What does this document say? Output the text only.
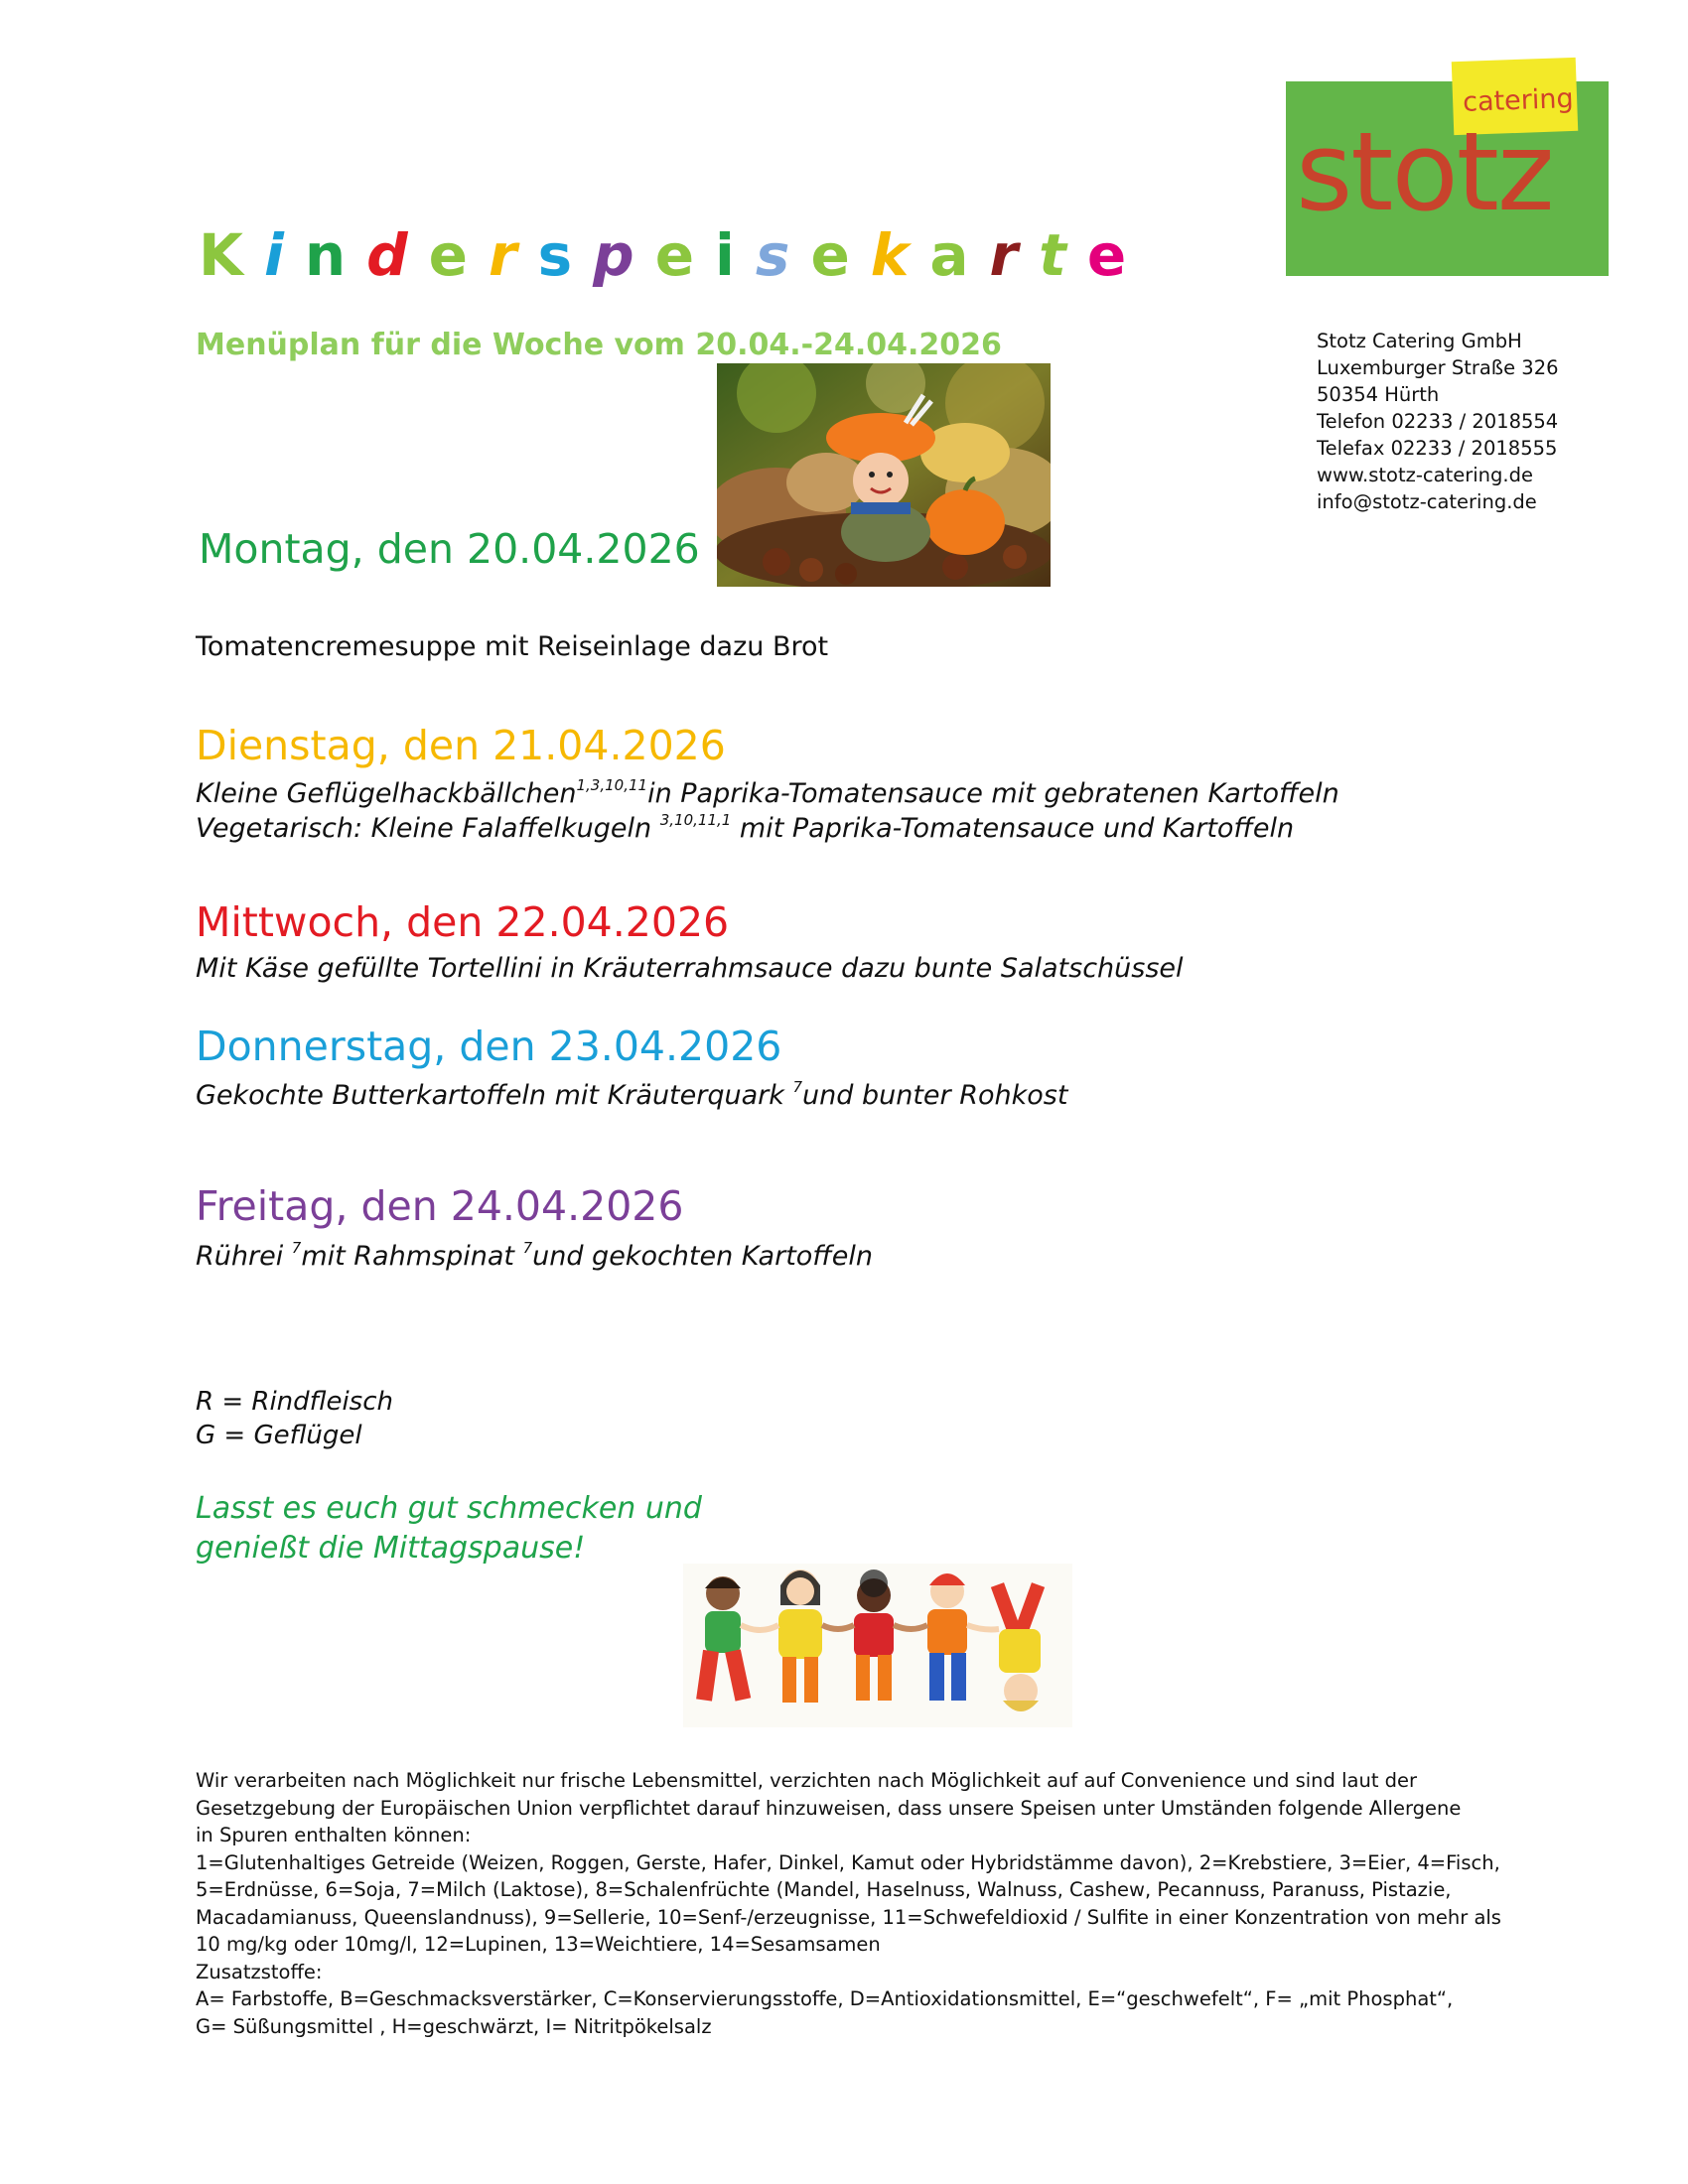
catering
stotz
Stotz Catering GmbH
Luxemburger Straße 326
50354 Hürth
Telefon 02233 / 2018554
Telefax 02233 / 2018555
www.stotz-catering.de
info@stotz-catering.de
K i n d e r s p e i s e k a r t e
Menüplan für die Woche vom 20.04.-24.04.2026
Montag, den 20.04.2026
Tomatencremesuppe mit Reiseinlage dazu Brot
Dienstag, den 21.04.2026
Kleine Geflügelhackbällchen$^{1,3,10,11}$in Paprika-Tomatensauce mit gebratenen Kartoffeln
Vegetarisch: Kleine Falaffelkugeln $^{3,10,11,1}$ mit Paprika-Tomatensauce und Kartoffeln
Mittwoch, den 22.04.2026
Mit Käse gefüllte Tortellini in Kräuterrahmsauce dazu bunte Salatschüssel
Donnerstag, den 23.04.2026
Gekochte Butterkartoffeln mit Kräuterquark $^7$und bunter Rohkost
Freitag, den 24.04.2026
Rührei $^7$mit Rahmspinat $^7$und gekochten Kartoffeln
R = Rindfleisch
G = Geflügel
Lasst es euch gut schmecken und
genießt die Mittagspause!
Wir verarbeiten nach Möglichkeit nur frische Lebensmittel, verzichten nach Möglichkeit auf auf Convenience und sind laut der
Gesetzgebung der Europäischen Union verpflichtet darauf hinzuweisen, dass unsere Speisen unter Umständen folgende Allergene
in Spuren enthalten können:
1=Glutenhaltiges Getreide (Weizen, Roggen, Gerste, Hafer, Dinkel, Kamut oder Hybridstämme davon), 2=Krebstiere, 3=Eier, 4=Fisch,
5=Erdnüsse, 6=Soja, 7=Milch (Laktose), 8=Schalenfrüchte (Mandel, Haselnuss, Walnuss, Cashew, Pecannuss, Paranuss, Pistazie,
Macadamianuss, Queenslandnuss), 9=Sellerie, 10=Senf-/erzeugnisse, 11=Schwefeldioxid / Sulfite in einer Konzentration von mehr als
10 mg/kg oder 10mg/l, 12=Lupinen, 13=Weichtiere, 14=Sesamsamen
Zusatzstoffe:
A= Farbstoffe, B=Geschmacksverstärker, C=Konservierungsstoffe, D=Antioxidationsmittel, E=“geschwefelt“, F= „mit Phosphat“,
G= Süßungsmittel , H=geschwärzt, I= Nitritpökelsalz
